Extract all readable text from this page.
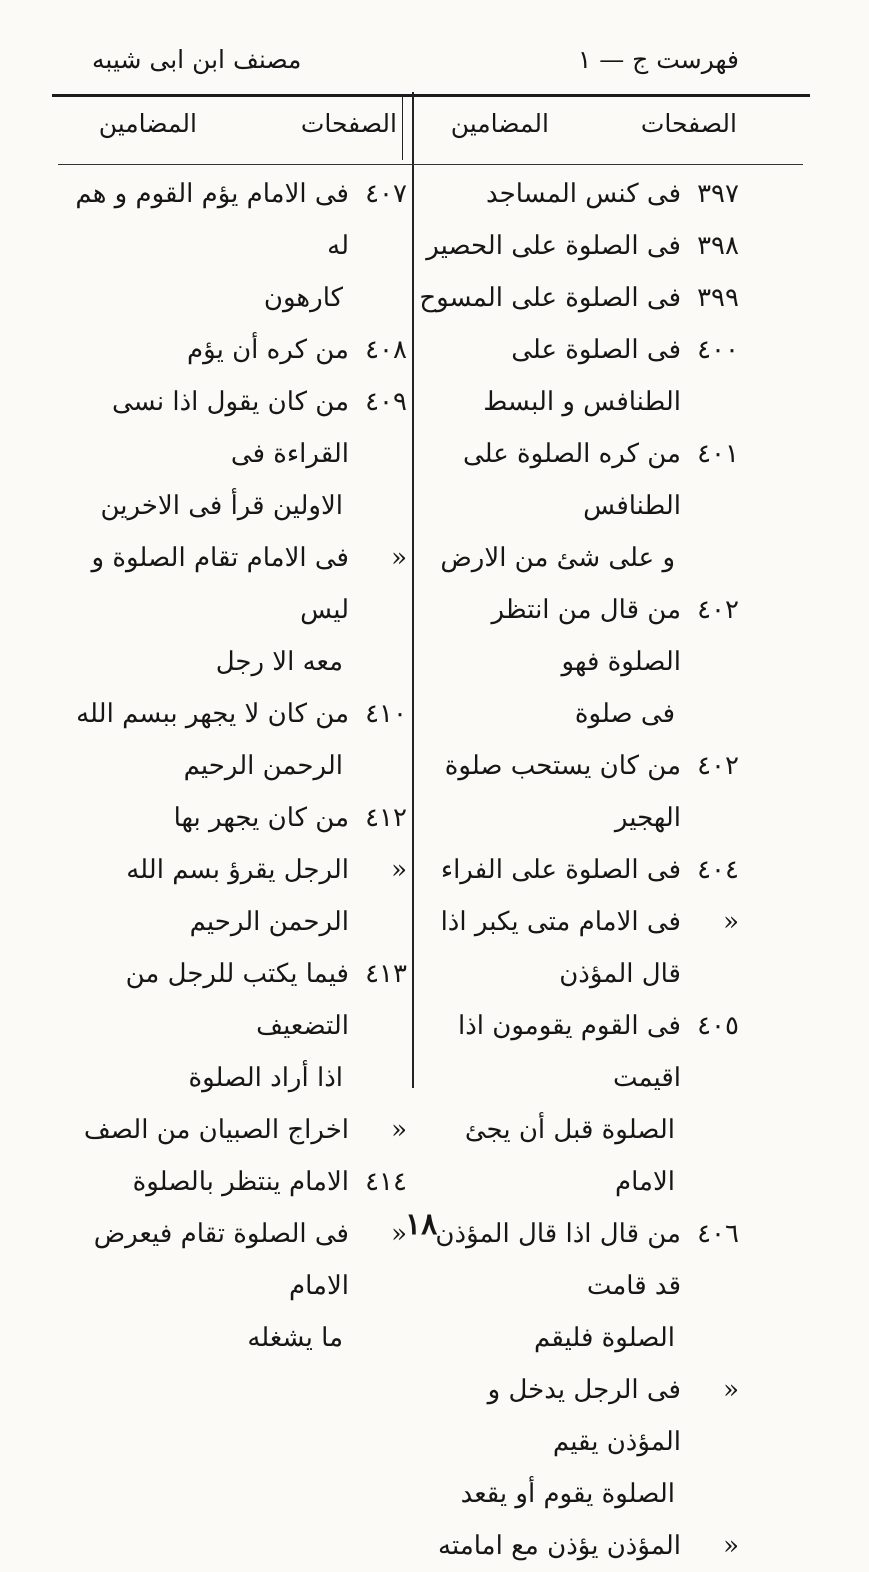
فهرست ج — ١
مصنف ابن ابى شيبه
الصفحات
المضامين
الصفحات
المضامين
٣٩٧
فى كنس المساجد
٣٩٨
فى الصلوة على الحصير
٣٩٩
فى الصلوة على المسوح
٤٠٠
فى الصلوة على الطنافس و البسط
٤٠١
من كره الصلوة على الطنافس
و على شئ من الارض
٤٠٢
من قال من انتظر الصلوة فهو
فى صلوة
٤٠٢
من كان يستحب صلوة الهجير
٤٠٤
فى الصلوة على الفراء
«
فى الامام متى يكبر اذا قال المؤذن
٤٠٥
فى القوم يقومون اذا اقيمت
الصلوة قبل أن يجئ الامام
٤٠٦
من قال اذا قال المؤذن قد قامت
الصلوة فليقم
«
فى الرجل يدخل و المؤذن يقيم
الصلوة يقوم أو يقعد
«
المؤذن يؤذن مع امامته
٤٠٧
فى الامام يؤم القوم و هم له
كارهون
٤٠٨
من كره أن يؤم
٤٠٩
من كان يقول اذا نسى القراءة فى
الاولين قرأ فى الاخرين
«
فى الامام تقام الصلوة و ليس
معه الا رجل
٤١٠
من كان لا يجهر ببسم الله
الرحمن الرحيم
٤١٢
من كان يجهر بها
«
الرجل يقرؤ بسم الله الرحمن الرحيم
٤١٣
فيما يكتب للرجل من التضعيف
اذا أراد الصلوة
«
اخراج الصبيان من الصف
٤١٤
الامام ينتظر بالصلوة
«
فى الصلوة تقام فيعرض الامام
ما يشغله
١٨
